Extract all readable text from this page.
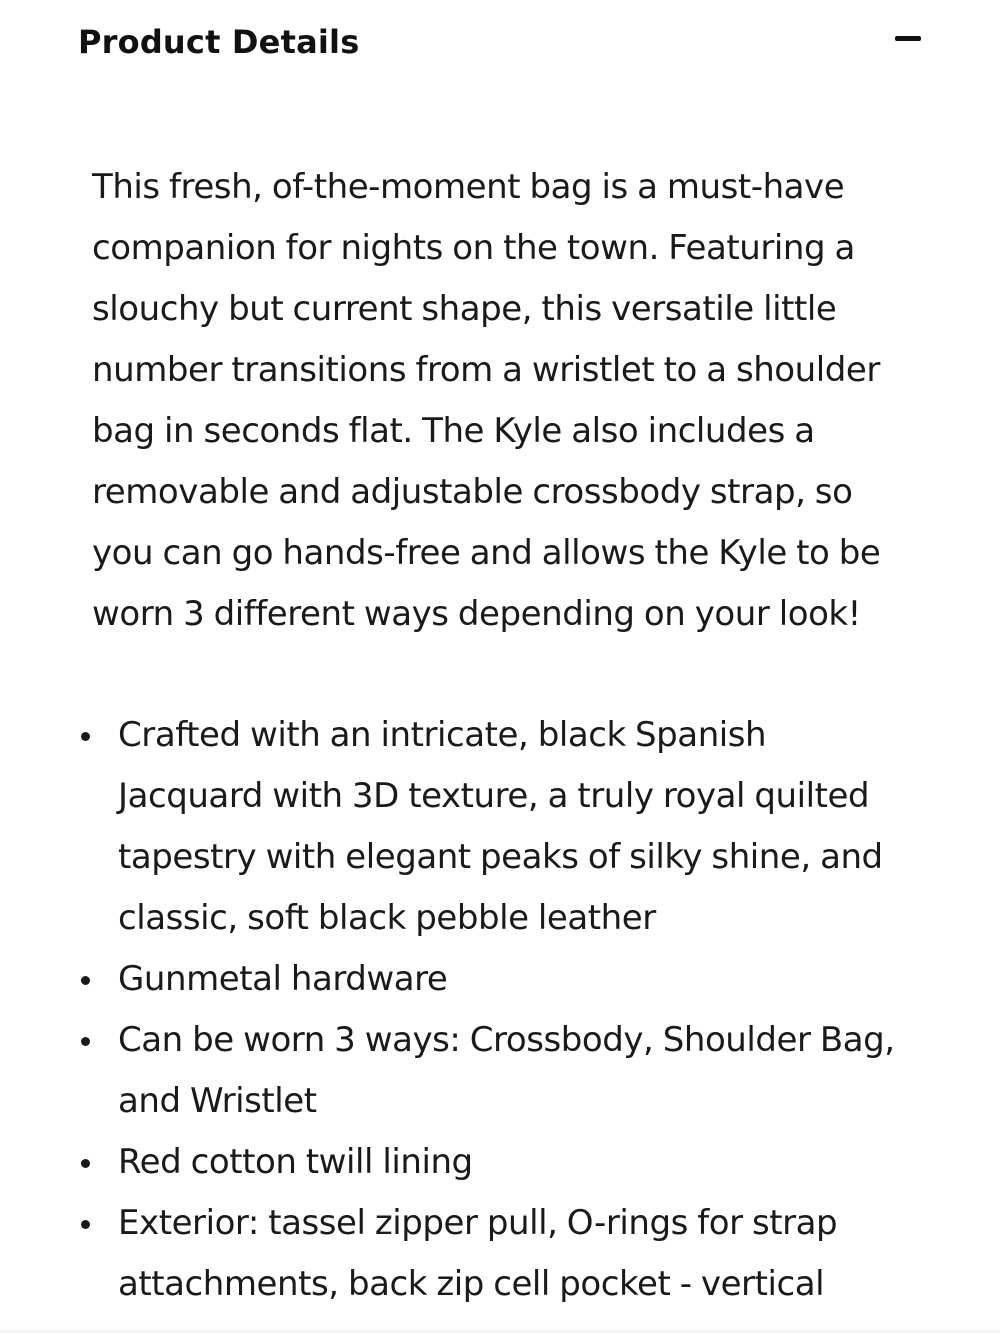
Product Details

This fresh, of-the-moment bag is a must-have companion for nights on the town. Featuring a slouchy but current shape, this versatile little number transitions from a wristlet to a shoulder bag in seconds flat. The Kyle also includes a removable and adjustable crossbody strap, so you can go hands-free and allows the Kyle to be worn 3 different ways depending on your look!

Crafted with an intricate, black Spanish Jacquard with 3D texture, a truly royal quilted tapestry with elegant peaks of silky shine, and classic, soft black pebble leather
Gunmetal hardware
Can be worn 3 ways: Crossbody, Shoulder Bag, and Wristlet
Red cotton twill lining
Exterior: tassel zipper pull, O-rings for strap attachments, back zip cell pocket - vertical
